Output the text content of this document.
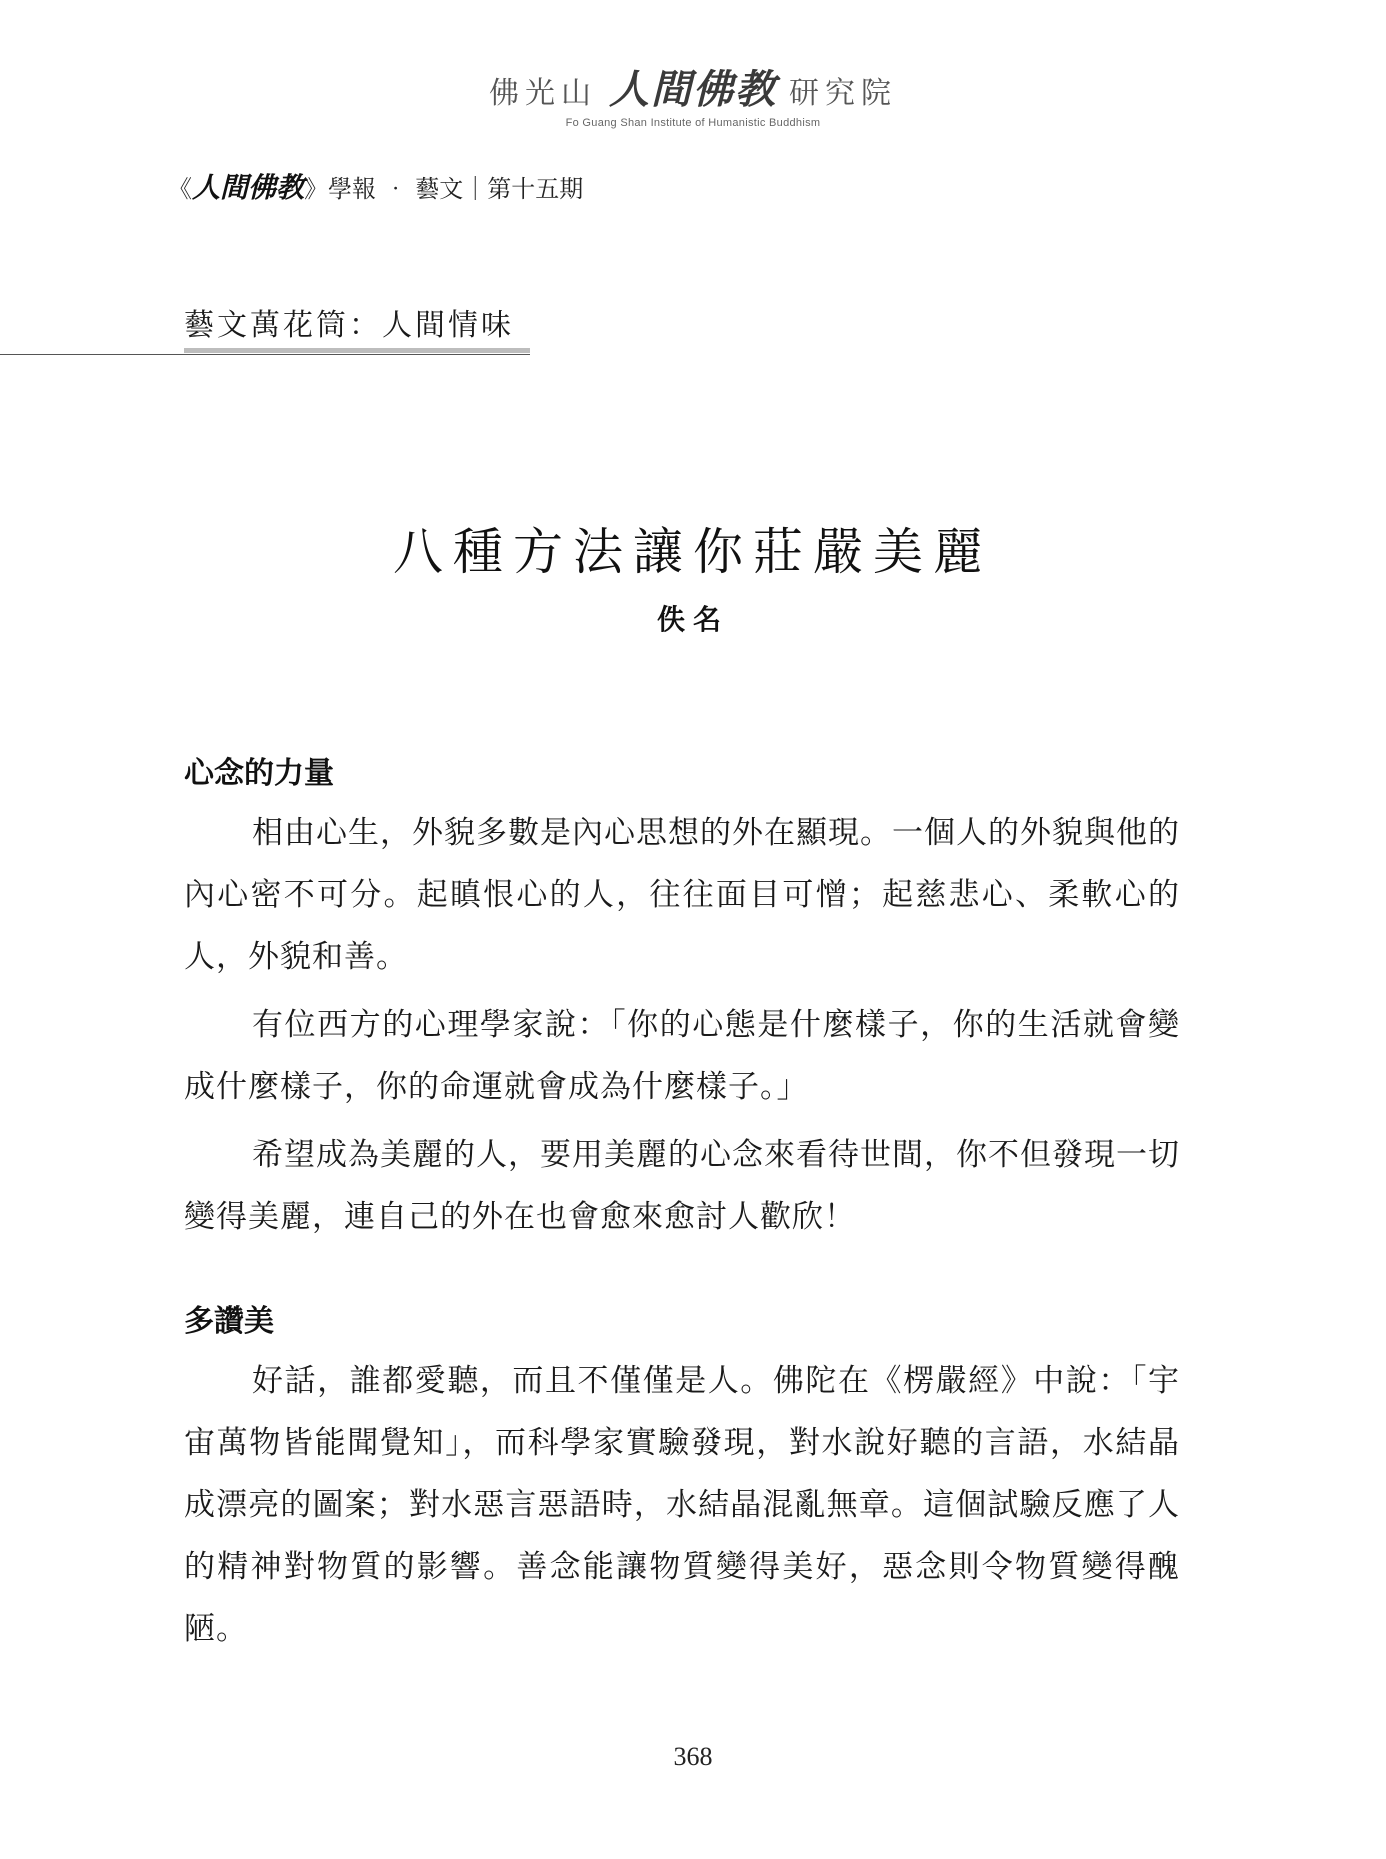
佛光山 人間佛教 研究院
Fo Guang Shan Institute of Humanistic Buddhism
《 人間佛教 》 學報 ‧ 藝文｜第十五期
藝文萬花筒：人間情味
八種方法讓你莊嚴美麗
佚名
心念的力量

相由心生，外貌多數是內心思想的外在顯現。一個人的外貌與他的內心密不可分。起瞋恨心的人，往往面目可憎；起慈悲心、柔軟心的人，外貌和善。

有位西方的心理學家說：「你的心態是什麼樣子，你的生活就會變成什麼樣子，你的命運就會成為什麼樣子。」

希望成為美麗的人，要用美麗的心念來看待世間，你不但發現一切變得美麗，連自己的外在也會愈來愈討人歡欣！

多讚美

好話，誰都愛聽，而且不僅僅是人。佛陀在《楞嚴經》中說：「宇宙萬物皆能聞覺知」，而科學家實驗發現，對水說好聽的言語，水結晶成漂亮的圖案；對水惡言惡語時，水結晶混亂無章。這個試驗反應了人的精神對物質的影響。善念能讓物質變得美好，惡念則令物質變得醜陋。

368
